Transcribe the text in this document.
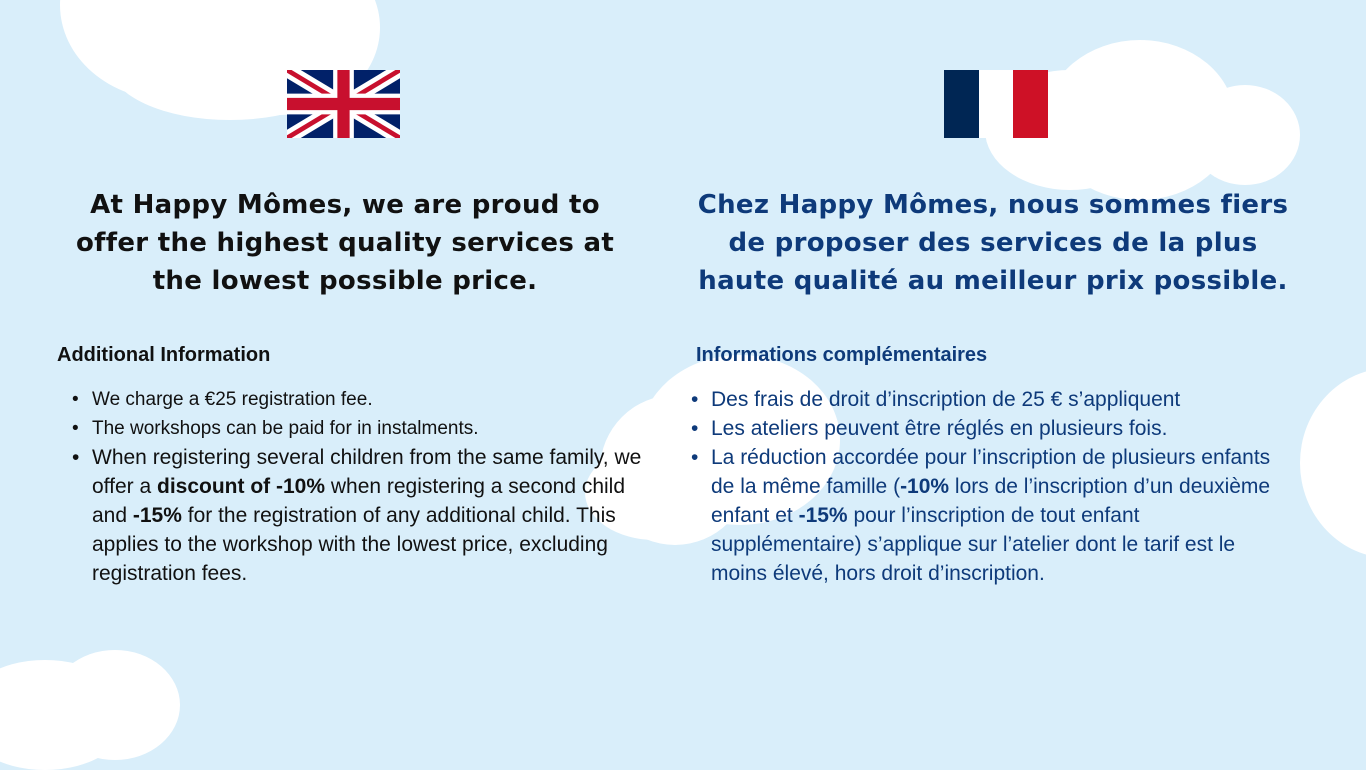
At Happy Mômes, we are proud to offer the highest quality services at the lowest possible price.
Additional Information
• We charge a €25 registration fee.
• The workshops can be paid for in instalments.
• When registering several children from the same family, we offer a discount of -10% when registering a second child and -15% for the registration of any additional child. This applies to the workshop with the lowest price, excluding registration fees.
Chez Happy Mômes, nous sommes fiers de proposer des services de la plus haute qualité au meilleur prix possible.
Informations complémentaires
• Des frais de droit d’inscription de 25 € s’appliquent
• Les ateliers peuvent être réglés en plusieurs fois.
• La réduction accordée pour l’inscription de plusieurs enfants de la même famille (-10% lors de l’inscription d’un deuxième enfant et -15% pour l’inscription de tout enfant supplémentaire) s’applique sur l’atelier dont le tarif est le moins élevé, hors droit d’inscription.
